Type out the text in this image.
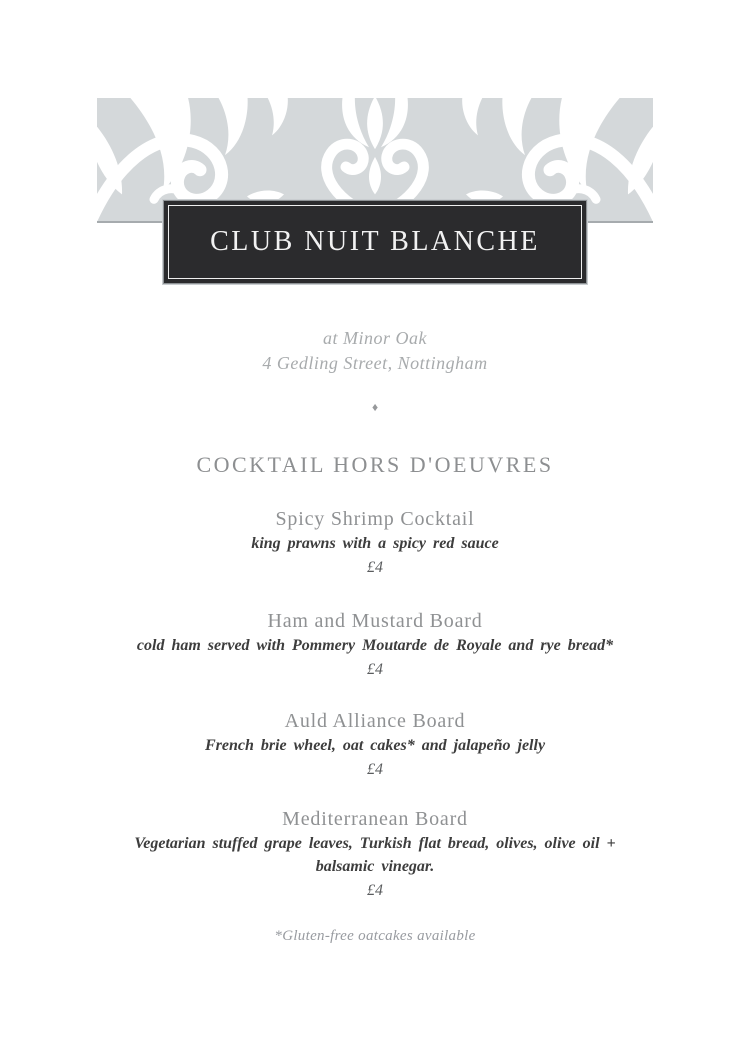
CLUB NUIT BLANCHE

at Minor Oak

4 Gedling Street, Nottingham

♦
COCKTAIL HORS D'OEUVRES
Spicy Shrimp Cocktail
king prawns with a spicy red sauce
£4
Ham and Mustard Board
cold ham served with Pommery Moutarde de Royale and rye bread*
£4
Auld Alliance Board
French brie wheel, oat cakes* and jalapeño jelly
£4
Mediterranean Board
Vegetarian stuffed grape leaves, Turkish flat bread, olives, olive oil +
balsamic vinegar.
£4

*Gluten-free oatcakes available
